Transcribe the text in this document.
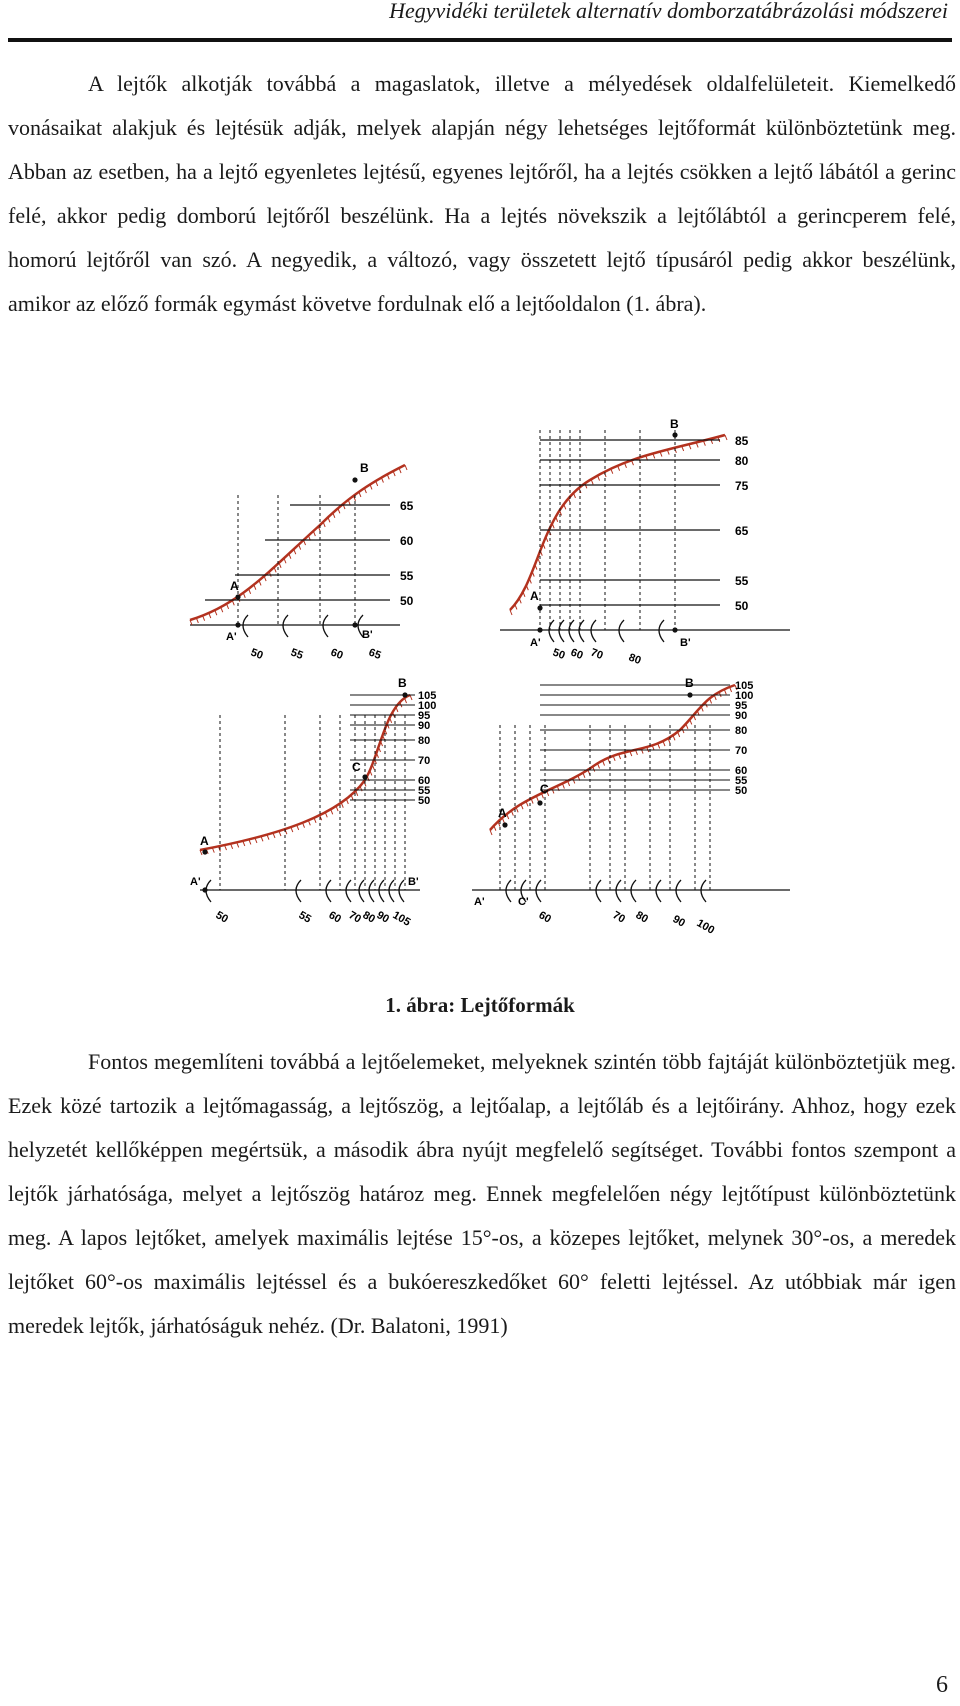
Hegyvidéki területek alternatív domborzatábrázolási módszerei

A lejtők alkotják továbbá a magaslatok, illetve a mélyedések oldalfelületeit. Kiemelkedő vonásaikat alakjuk és lejtésük adják, melyek alapján négy lehetséges lejtőformát különböztetünk meg. Abban az esetben, ha a lejtő egyenletes lejtésű, egyenes lejtőről, ha a lejtés csökken a lejtő lábától a gerinc felé, akkor pedig domború lejtőről beszélünk. Ha a lejtés növekszik a lejtőlábtól a gerincperem felé, homorú lejtőről van szó. A negyedik, a változó, vagy összetett lejtő típusáról pedig akkor beszélünk, amikor az előző formák egymást követve fordulnak elő a lejtőoldalon (1. ábra).

65
60
55
50
50 55 60 65
A
B
A'	B'
85
80
75
65
55
50
50 60 70 80
A
B
A'	B'
105
100
95
90
80
70
60
55
50
50	55 60 70
80
90 105
A
B
C
A'	B'
105
100
95
90
80
70
60
55
50
60	70 80 90 100
A
B
C
A'	C'
1. ábra: Lejtőformák

Fontos megemlíteni továbbá a lejtőelemeket, melyeknek szintén több fajtáját különböztetjük meg. Ezek közé tartozik a lejtőmagasság, a lejtőszög, a lejtőalap, a lejtőláb és a lejtőirány. Ahhoz, hogy ezek helyzetét kellőképpen megértsük, a második ábra nyújt megfelelő segítséget. További fontos szempont a lejtők járhatósága, melyet a lejtőszög határoz meg. Ennek megfelelően négy lejtőtípust különböztetünk meg. A lapos lejtőket, amelyek maximális lejtése 15°-os, a közepes lejtőket, melynek 30°-os, a meredek lejtőket 60°-os maximális lejtéssel és a bukóereszkedőket 60° feletti lejtéssel. Az utóbbiak már igen meredek lejtők, járhatóságuk nehéz. (Dr. Balatoni, 1991)

6
